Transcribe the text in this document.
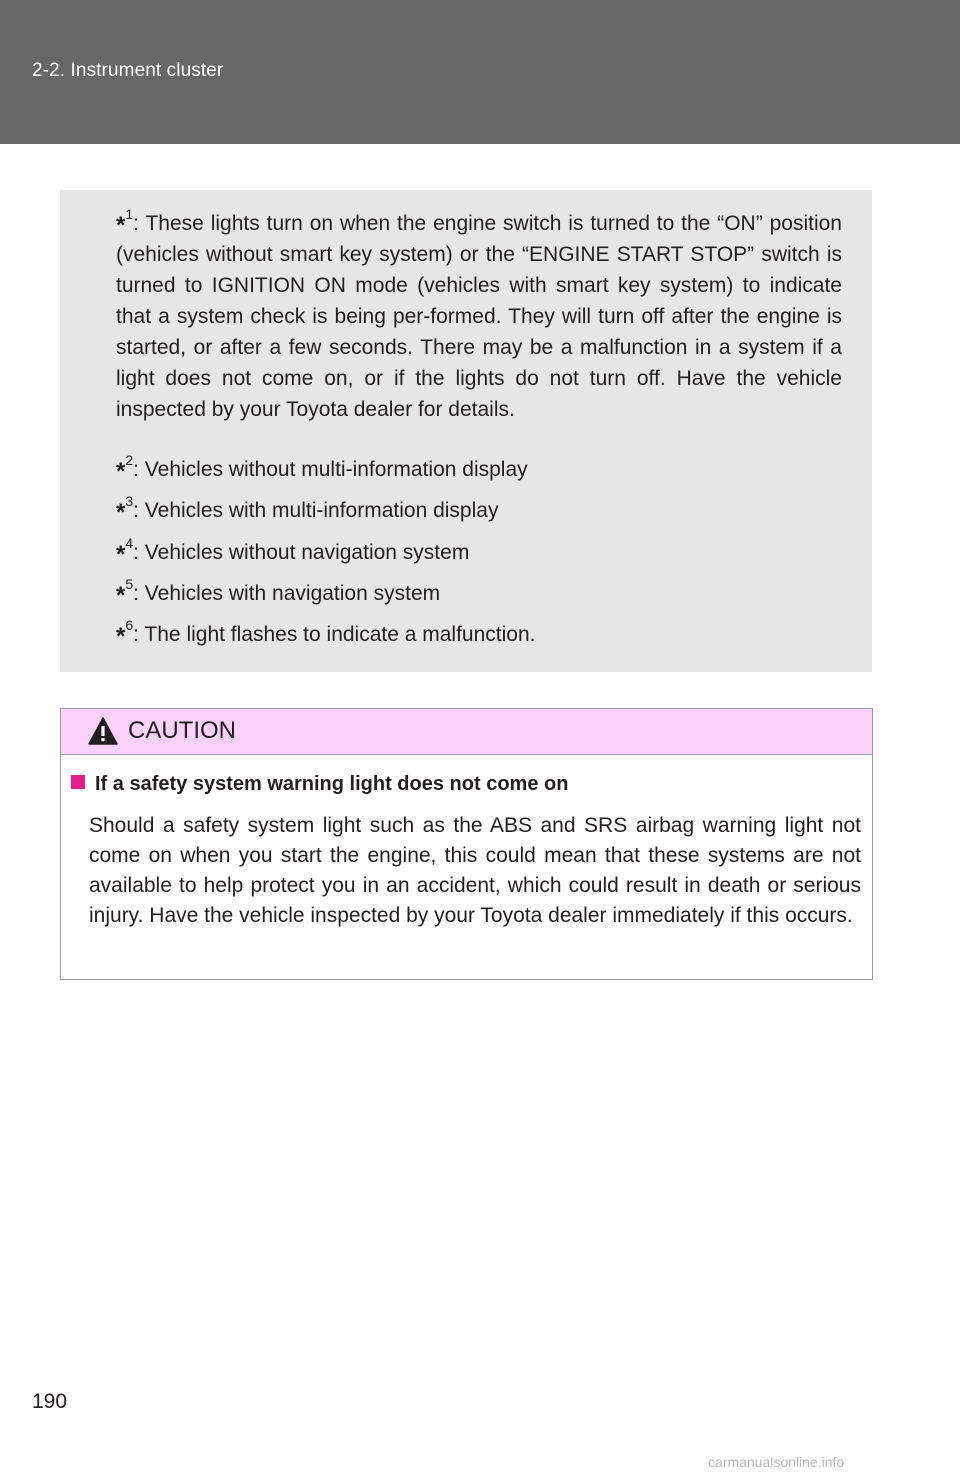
2-2. Instrument cluster
*$^1$: These lights turn on when the engine switch is turned to the “ON” position (vehicles without smart key system) or the “ENGINE START STOP” switch is turned to IGNITION ON mode (vehicles with smart key system) to indicate that a system check is being per-formed. They will turn off after the engine is started, or after a few seconds. There may be a malfunction in a system if a light does not come on, or if the lights do not turn off. Have the vehicle inspected by your Toyota dealer for details.
*$^2$: Vehicles without multi-information display
*$^3$: Vehicles with multi-information display
*$^4$: Vehicles without navigation system
*$^5$: Vehicles with navigation system
*$^6$: The light flashes to indicate a malfunction.
CAUTION
If a safety system warning light does not come on
Should a safety system light such as the ABS and SRS airbag warning light not come on when you start the engine, this could mean that these systems are not available to help protect you in an accident, which could result in death or serious injury. Have the vehicle inspected by your Toyota dealer immediately if this occurs.
190
carmanualsonline.info
